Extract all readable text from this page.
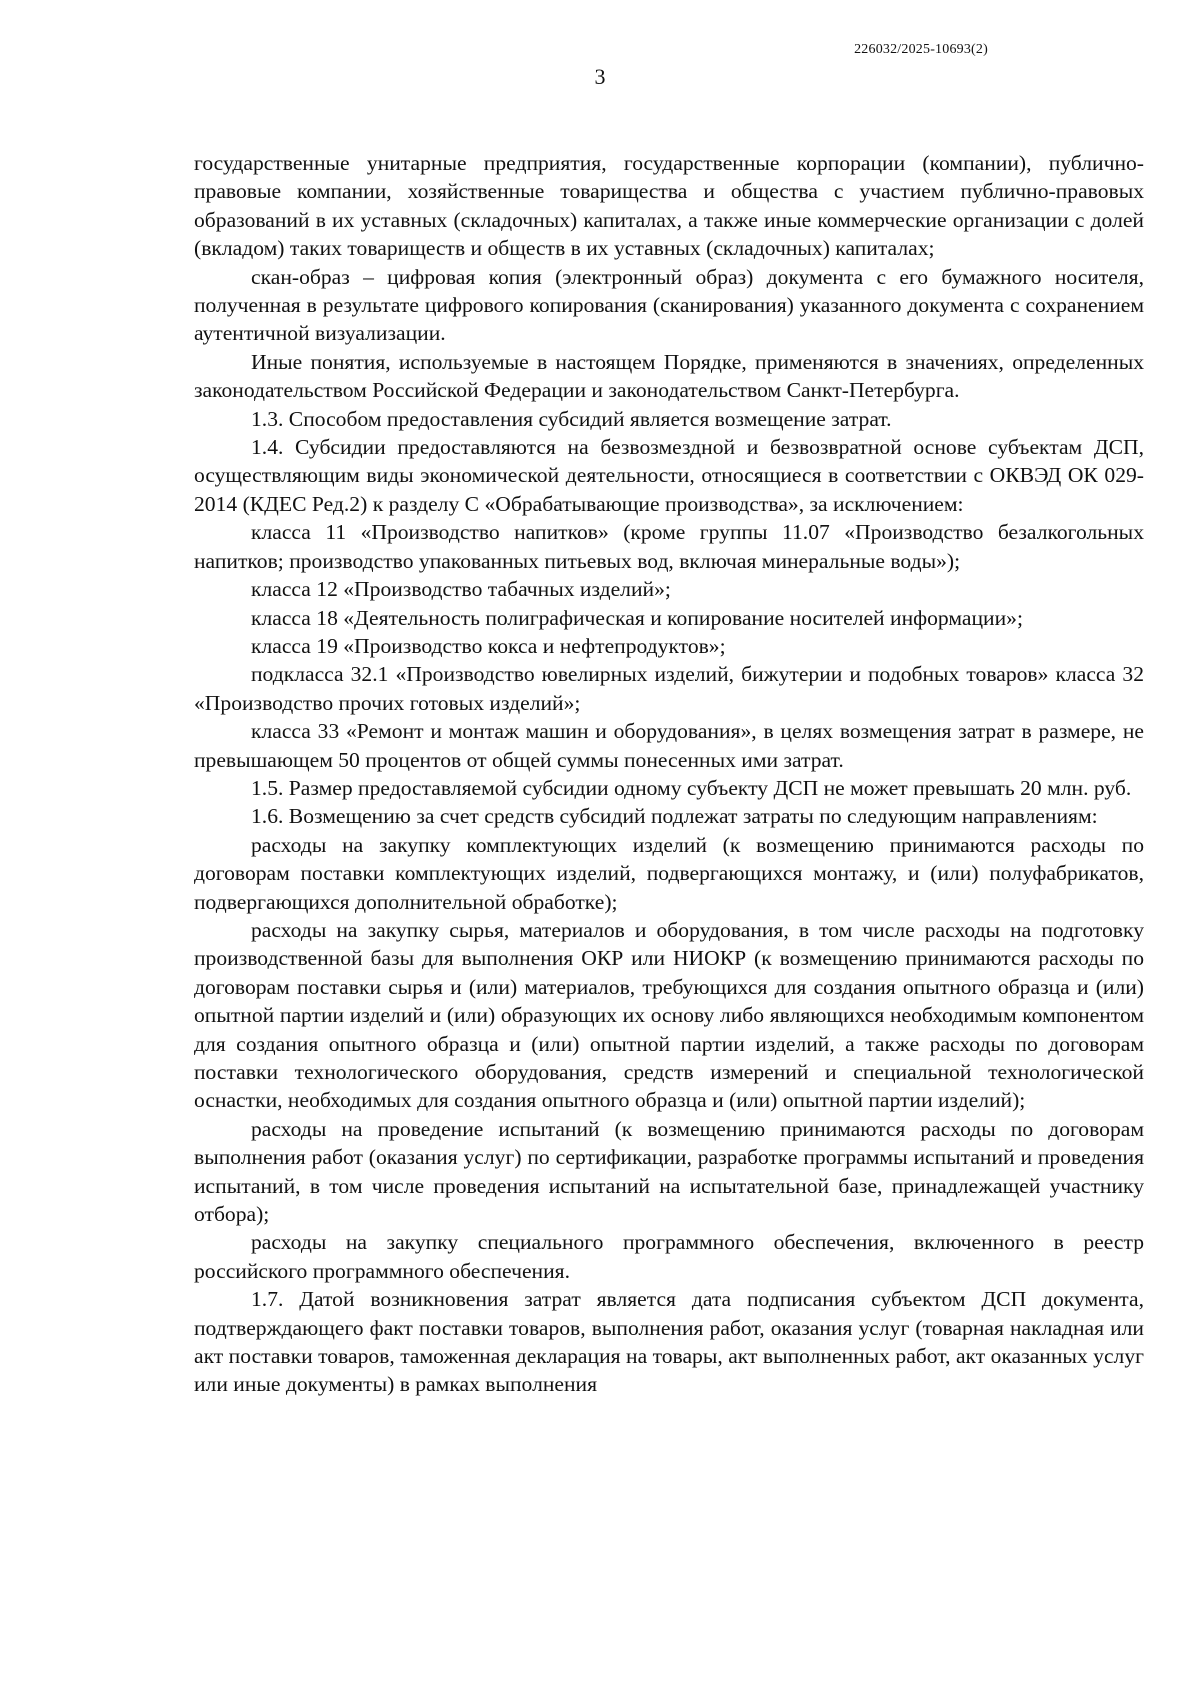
226032/2025-10693(2)
3

государственные унитарные предприятия, государственные корпорации (компании), публично-правовые компании, хозяйственные товарищества и общества с участием публично-правовых образований в их уставных (складочных) капиталах, а также иные коммерческие организации с долей (вкладом) таких товариществ и обществ в их уставных (складочных) капиталах;

скан-образ – цифровая копия (электронный образ) документа с его бумажного носителя, полученная в результате цифрового копирования (сканирования) указанного документа с сохранением аутентичной визуализации.

Иные понятия, используемые в настоящем Порядке, применяются в значениях, определенных законодательством Российской Федерации и законодательством Санкт-Петербурга.

1.3. Способом предоставления субсидий является возмещение затрат.

1.4. Субсидии предоставляются на безвозмездной и безвозвратной основе субъектам ДСП, осуществляющим виды экономической деятельности, относящиеся в соответствии с ОКВЭД ОК 029-2014 (КДЕС Ред.2) к разделу С «Обрабатывающие производства», за исключением:

класса 11 «Производство напитков» (кроме группы 11.07 «Производство безалкогольных напитков; производство упакованных питьевых вод, включая минеральные воды»);

класса 12 «Производство табачных изделий»;

класса 18 «Деятельность полиграфическая и копирование носителей информации»;

класса 19 «Производство кокса и нефтепродуктов»;

подкласса 32.1 «Производство ювелирных изделий, бижутерии и подобных товаров» класса 32 «Производство прочих готовых изделий»;

класса 33 «Ремонт и монтаж машин и оборудования», в целях возмещения затрат в размере, не превышающем 50 процентов от общей суммы понесенных ими затрат.

1.5. Размер предоставляемой субсидии одному субъекту ДСП не может превышать 20 млн. руб.

1.6. Возмещению за счет средств субсидий подлежат затраты по следующим направлениям:

расходы на закупку комплектующих изделий (к возмещению принимаются расходы по договорам поставки комплектующих изделий, подвергающихся монтажу, и (или) полуфабрикатов, подвергающихся дополнительной обработке);

расходы на закупку сырья, материалов и оборудования, в том числе расходы на подготовку производственной базы для выполнения ОКР или НИОКР (к возмещению принимаются расходы по договорам поставки сырья и (или) материалов, требующихся для создания опытного образца и (или) опытной партии изделий и (или) образующих их основу либо являющихся необходимым компонентом для создания опытного образца и (или) опытной партии изделий, а также расходы по договорам поставки технологического оборудования, средств измерений и специальной технологической оснастки, необходимых для создания опытного образца и (или) опытной партии изделий);

расходы на проведение испытаний (к возмещению принимаются расходы по договорам выполнения работ (оказания услуг) по сертификации, разработке программы испытаний и проведения испытаний, в том числе проведения испытаний на испытательной базе, принадлежащей участнику отбора);

расходы на закупку специального программного обеспечения, включенного в реестр российского программного обеспечения.

1.7. Датой возникновения затрат является дата подписания субъектом ДСП документа, подтверждающего факт поставки товаров, выполнения работ, оказания услуг (товарная накладная или акт поставки товаров, таможенная декларация на товары, акт выполненных работ, акт оказанных услуг или иные документы) в рамках выполнения
